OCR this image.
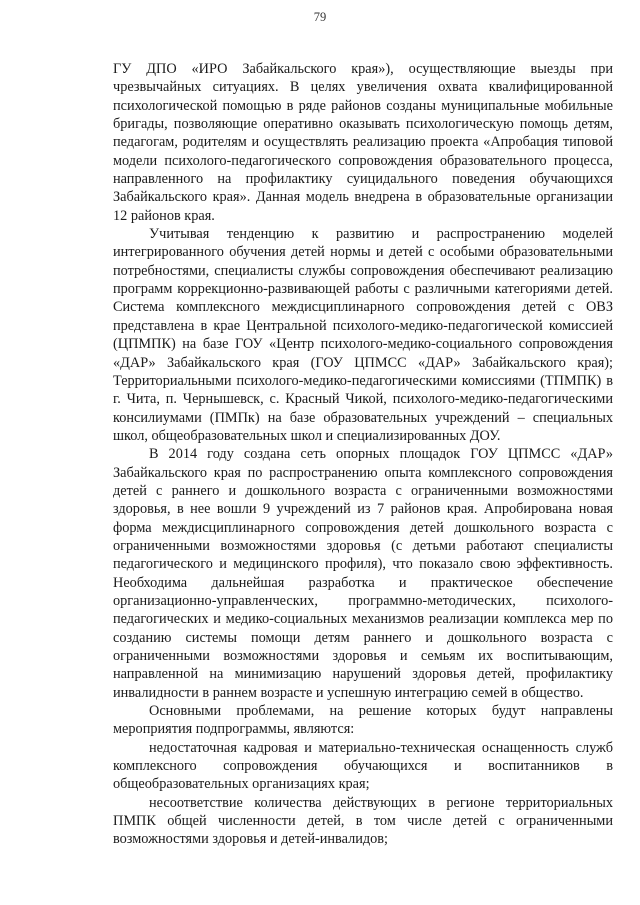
79

ГУ ДПО «ИРО Забайкальского края»), осуществляющие выезды при чрезвычайных ситуациях. В целях увеличения охвата квалифицированной психологической помощью в ряде районов созданы муниципальные мобильные бригады, позволяющие оперативно оказывать психологическую помощь детям, педагогам, родителям и осуществлять реализацию проекта «Апробация типовой модели психолого-педагогического сопровождения образовательного процесса, направленного на профилактику суицидального поведения обучающихся Забайкальского края». Данная модель внедрена в образовательные организации 12 районов края.

Учитывая тенденцию к развитию и распространению моделей интегрированного обучения детей нормы и детей с особыми образовательными потребностями, специалисты службы сопровождения обеспечивают реализацию программ коррекционно-развивающей работы с различными категориями детей. Система комплексного междисциплинарного сопровождения детей с ОВЗ представлена в крае Центральной психолого-медико-педагогической комиссией (ЦПМПК) на базе ГОУ «Центр психолого-медико-социального сопровождения «ДАР» Забайкальского края (ГОУ ЦПМСС «ДАР» Забайкальского края); Территориальными психолого-медико-педагогическими комиссиями (ТПМПК) в г. Чита, п. Чернышевск, с. Красный Чикой, психолого-медико-педагогическими консилиумами (ПМПк) на базе образовательных учреждений – специальных школ, общеобразовательных школ и специализированных ДОУ.

В 2014 году создана сеть опорных площадок ГОУ ЦПМСС «ДАР» Забайкальского края по распространению опыта комплексного сопровождения детей с раннего и дошкольного возраста с ограниченными возможностями здоровья, в нее вошли 9 учреждений из 7 районов края. Апробирована новая форма междисциплинарного сопровождения детей дошкольного возраста с ограниченными возможностями здоровья (с детьми работают специалисты педагогического и медицинского профиля), что показало свою эффективность. Необходима дальнейшая разработка и практическое обеспечение организационно-управленческих, программно-методических, психолого-педагогических и медико-социальных механизмов реализации комплекса мер по созданию системы помощи детям раннего и дошкольного возраста с ограниченными возможностями здоровья и семьям их воспитывающим, направленной на минимизацию нарушений здоровья детей, профилактику инвалидности в раннем возрасте и успешную интеграцию семей в общество.

Основными проблемами, на решение которых будут направлены мероприятия подпрограммы, являются:

недостаточная кадровая и материально-техническая оснащенность служб комплексного сопровождения обучающихся и воспитанников в общеобразовательных организациях края;

несоответствие количества действующих в регионе территориальных ПМПК общей численности детей, в том числе детей с ограниченными возможностями здоровья и детей-инвалидов;
